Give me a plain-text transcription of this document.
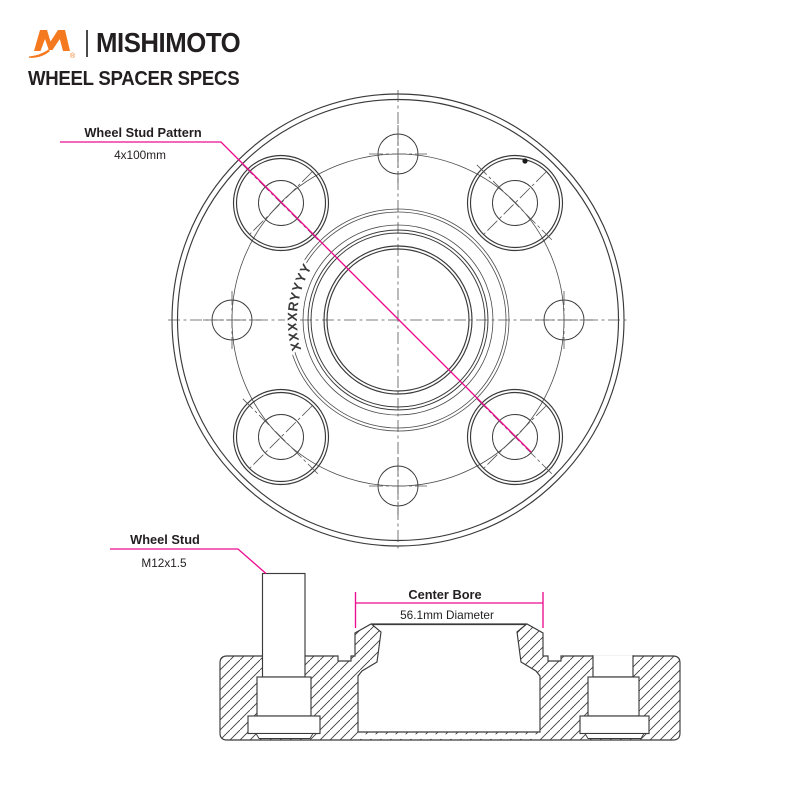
® MISHIMOTO
WHEEL SPACER SPECS
XXXXRYYYY
Wheel Stud Pattern
4x100mm
Wheel Stud
M12x1.5
Center Bore
56.1mm Diameter
